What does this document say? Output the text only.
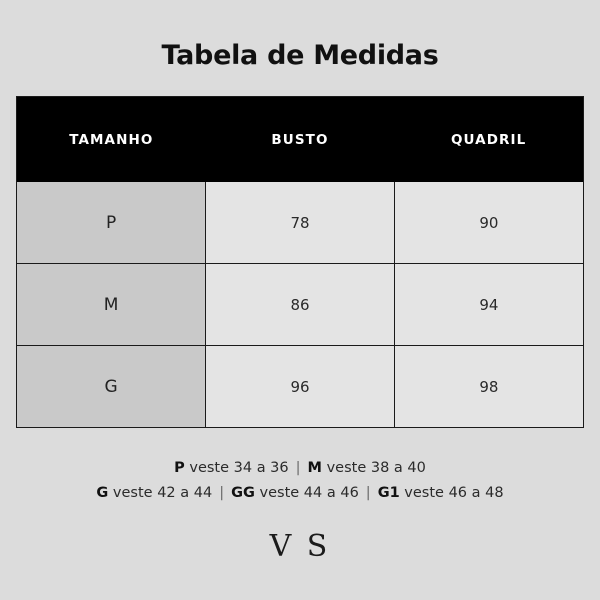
Tabela de Medidas
TAMANHO	BUSTO	QUADRIL
P	78	90
M	86	94
G	96	98
P veste 34 a 36 | M veste 38 a 40
G veste 42 a 44 | GG veste 44 a 46 | G1 veste 46 a 48
V S
